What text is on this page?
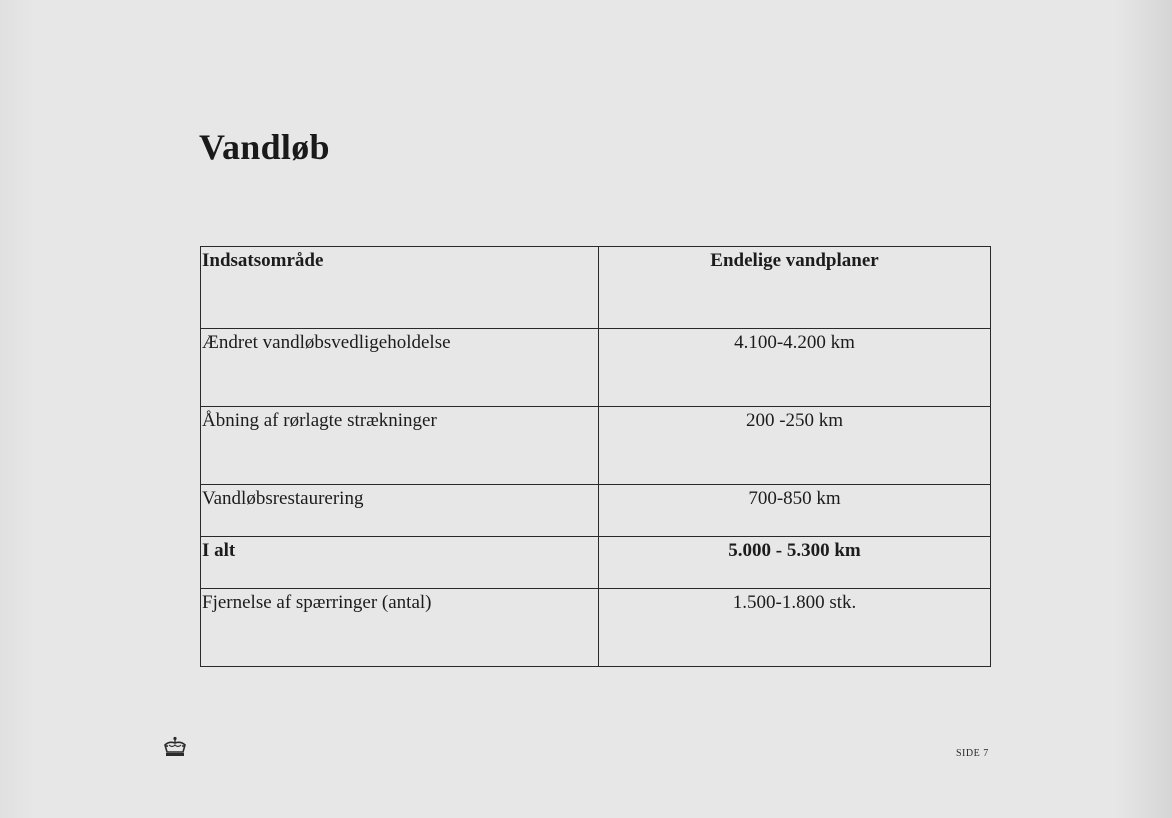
Vandløb
Indsatsområde	Endelige vandplaner

Ændret vandløbsvedligeholdelse	4.100-4.200 km

Åbning af rørlagte strækninger	200 -250 km

Vandløbsrestaurering	700-850 km

I alt	5.000 - 5.300 km

Fjernelse af spærringer (antal)	1.500-1.800 stk.
SIDE 7
